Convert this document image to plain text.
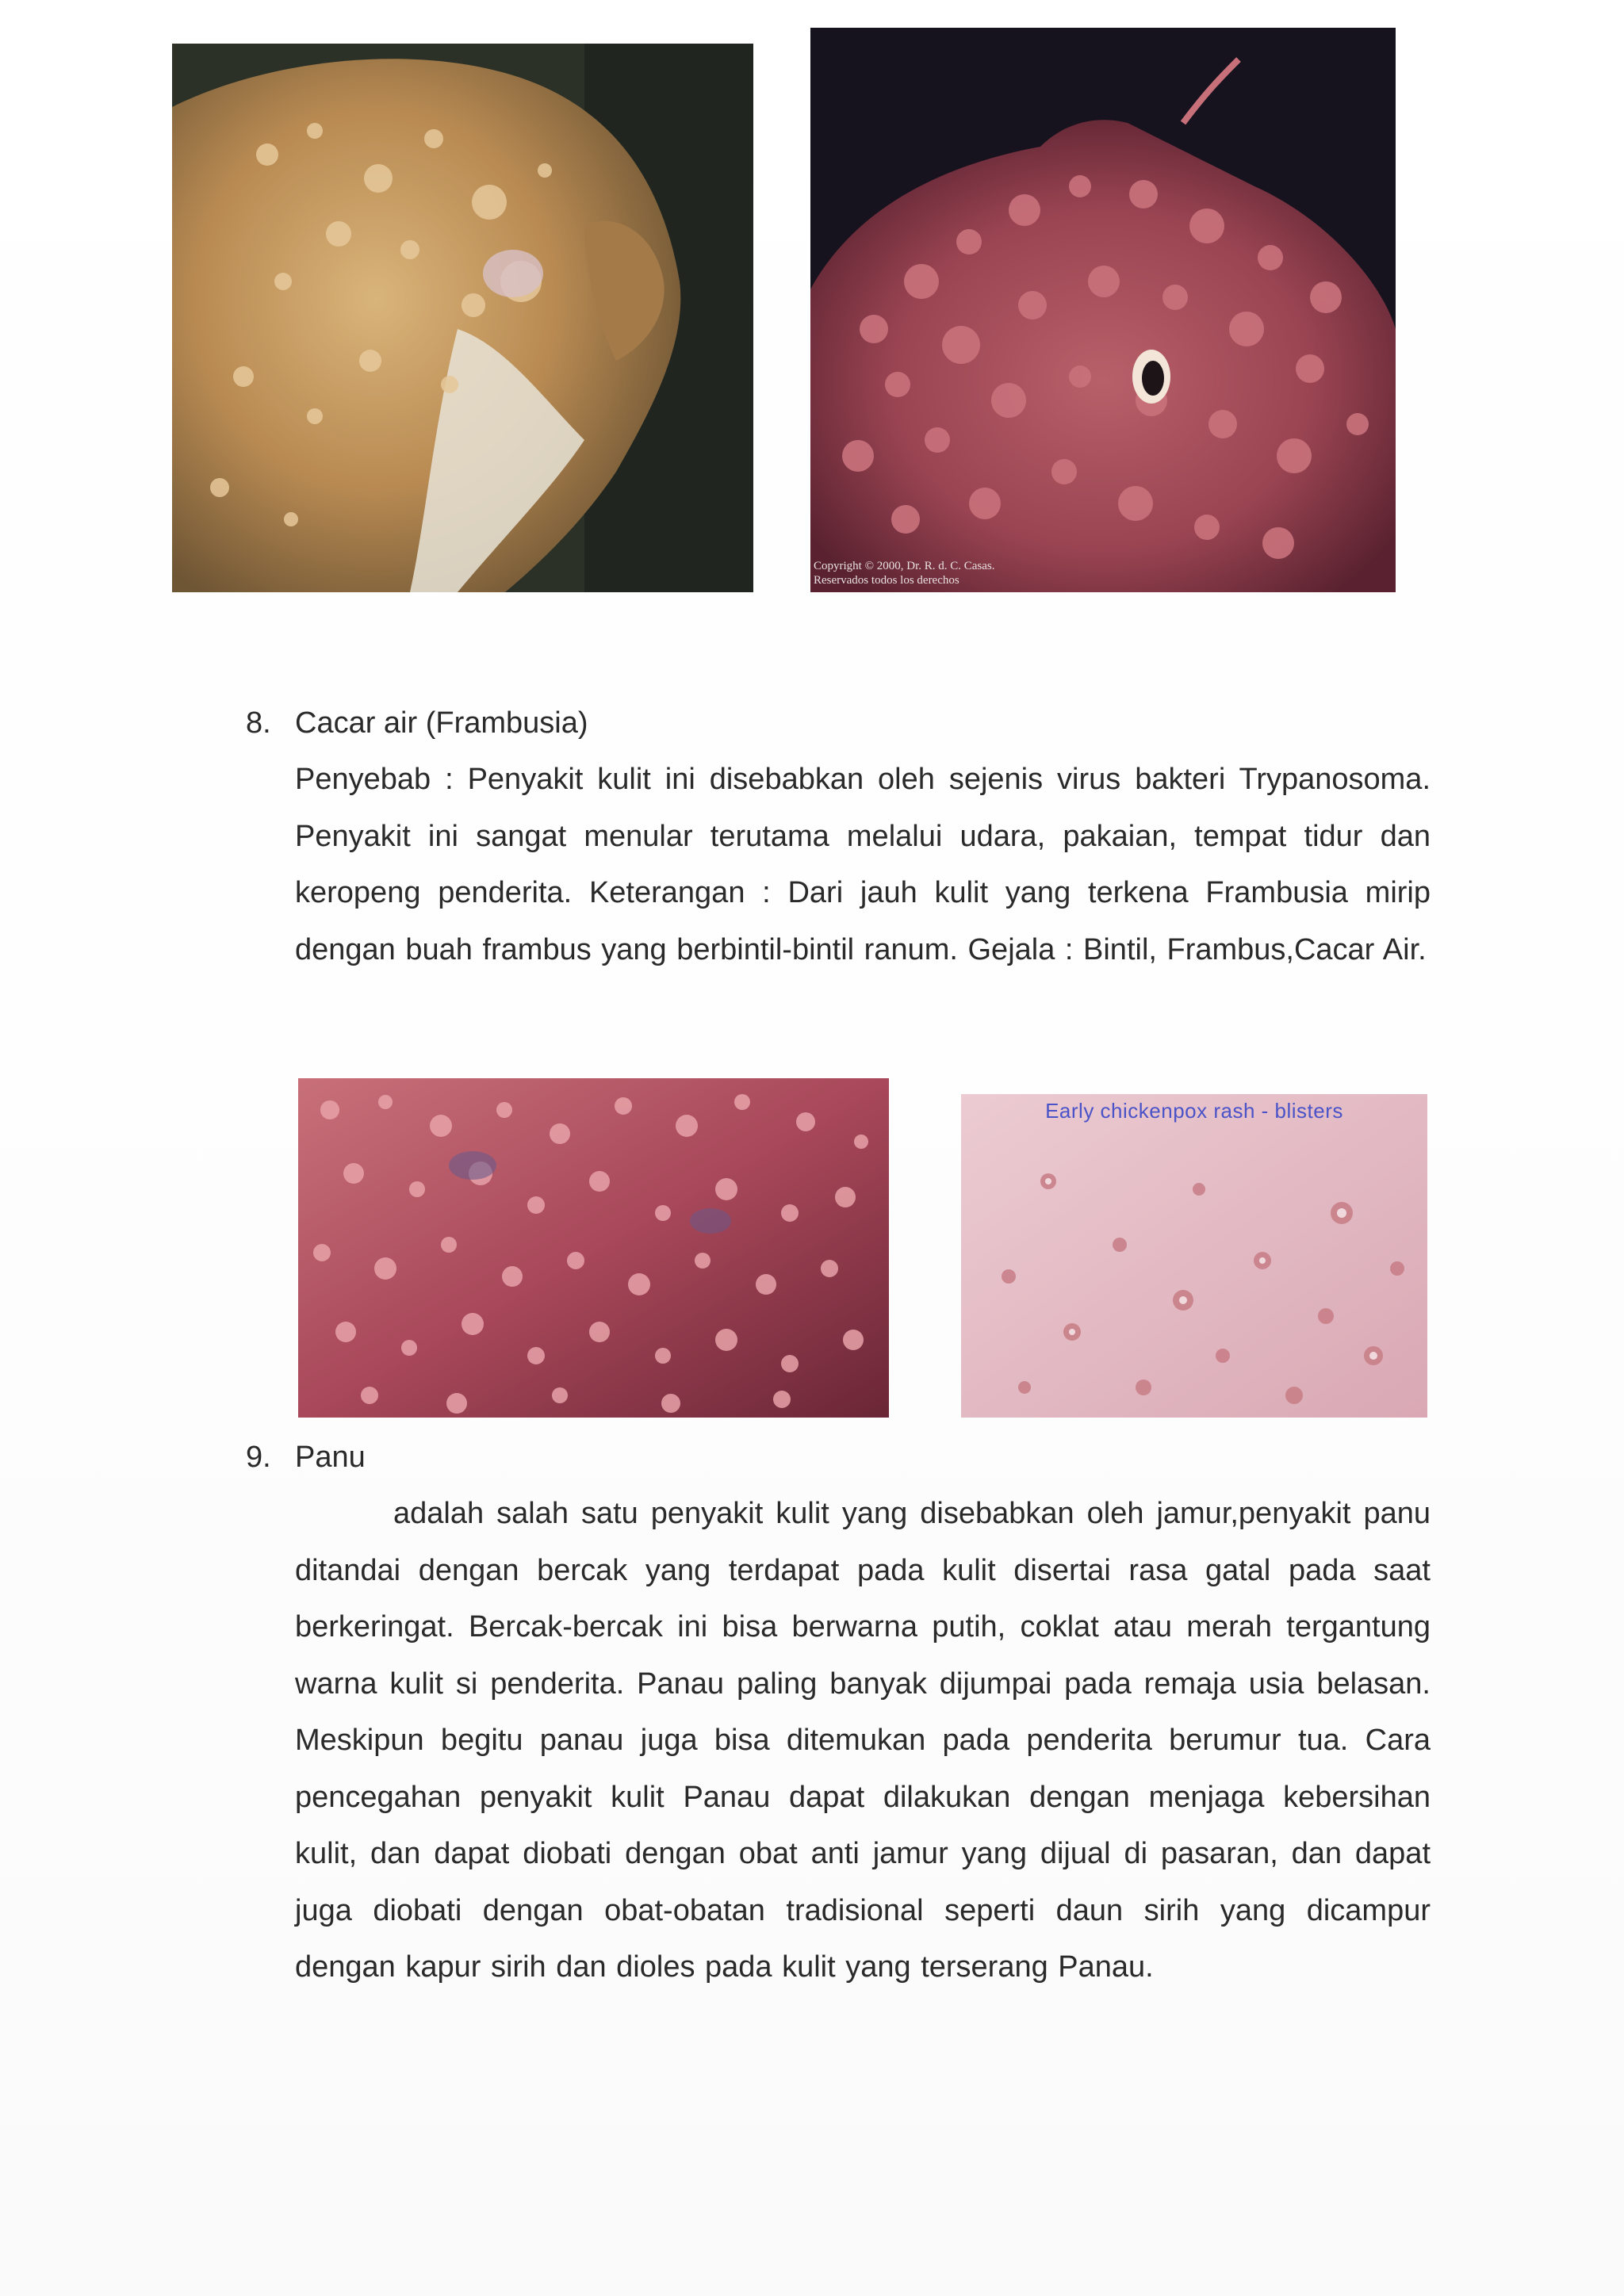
Copyright © 2000, Dr. R. d. C. Casas.
Reservados todos los derechos
8. Cacar air (Frambusia)
Penyebab : Penyakit kulit ini disebabkan oleh sejenis virus bakteri Trypanosoma. Penyakit ini sangat menular terutama melalui udara, pakaian, tempat tidur dan keropeng penderita. Keterangan : Dari jauh kulit yang terkena Frambusia mirip dengan buah frambus yang berbintil-bintil ranum. Gejala : Bintil, Frambus,Cacar Air.
Early chickenpox rash - blisters
9. Panu
adalah salah satu penyakit kulit yang disebabkan oleh jamur,penyakit panu ditandai dengan bercak yang terdapat pada kulit disertai rasa gatal pada saat berkeringat. Bercak-bercak ini bisa berwarna putih, coklat atau merah tergantung warna kulit si penderita. Panau paling banyak dijumpai pada remaja usia belasan. Meskipun begitu panau juga bisa ditemukan pada penderita berumur tua. Cara pencegahan penyakit kulit Panau dapat dilakukan dengan menjaga kebersihan kulit, dan dapat diobati dengan obat anti jamur yang dijual di pasaran, dan dapat juga diobati dengan obat-obatan tradisional seperti daun sirih yang dicampur dengan kapur sirih dan dioles pada kulit yang terserang Panau.
